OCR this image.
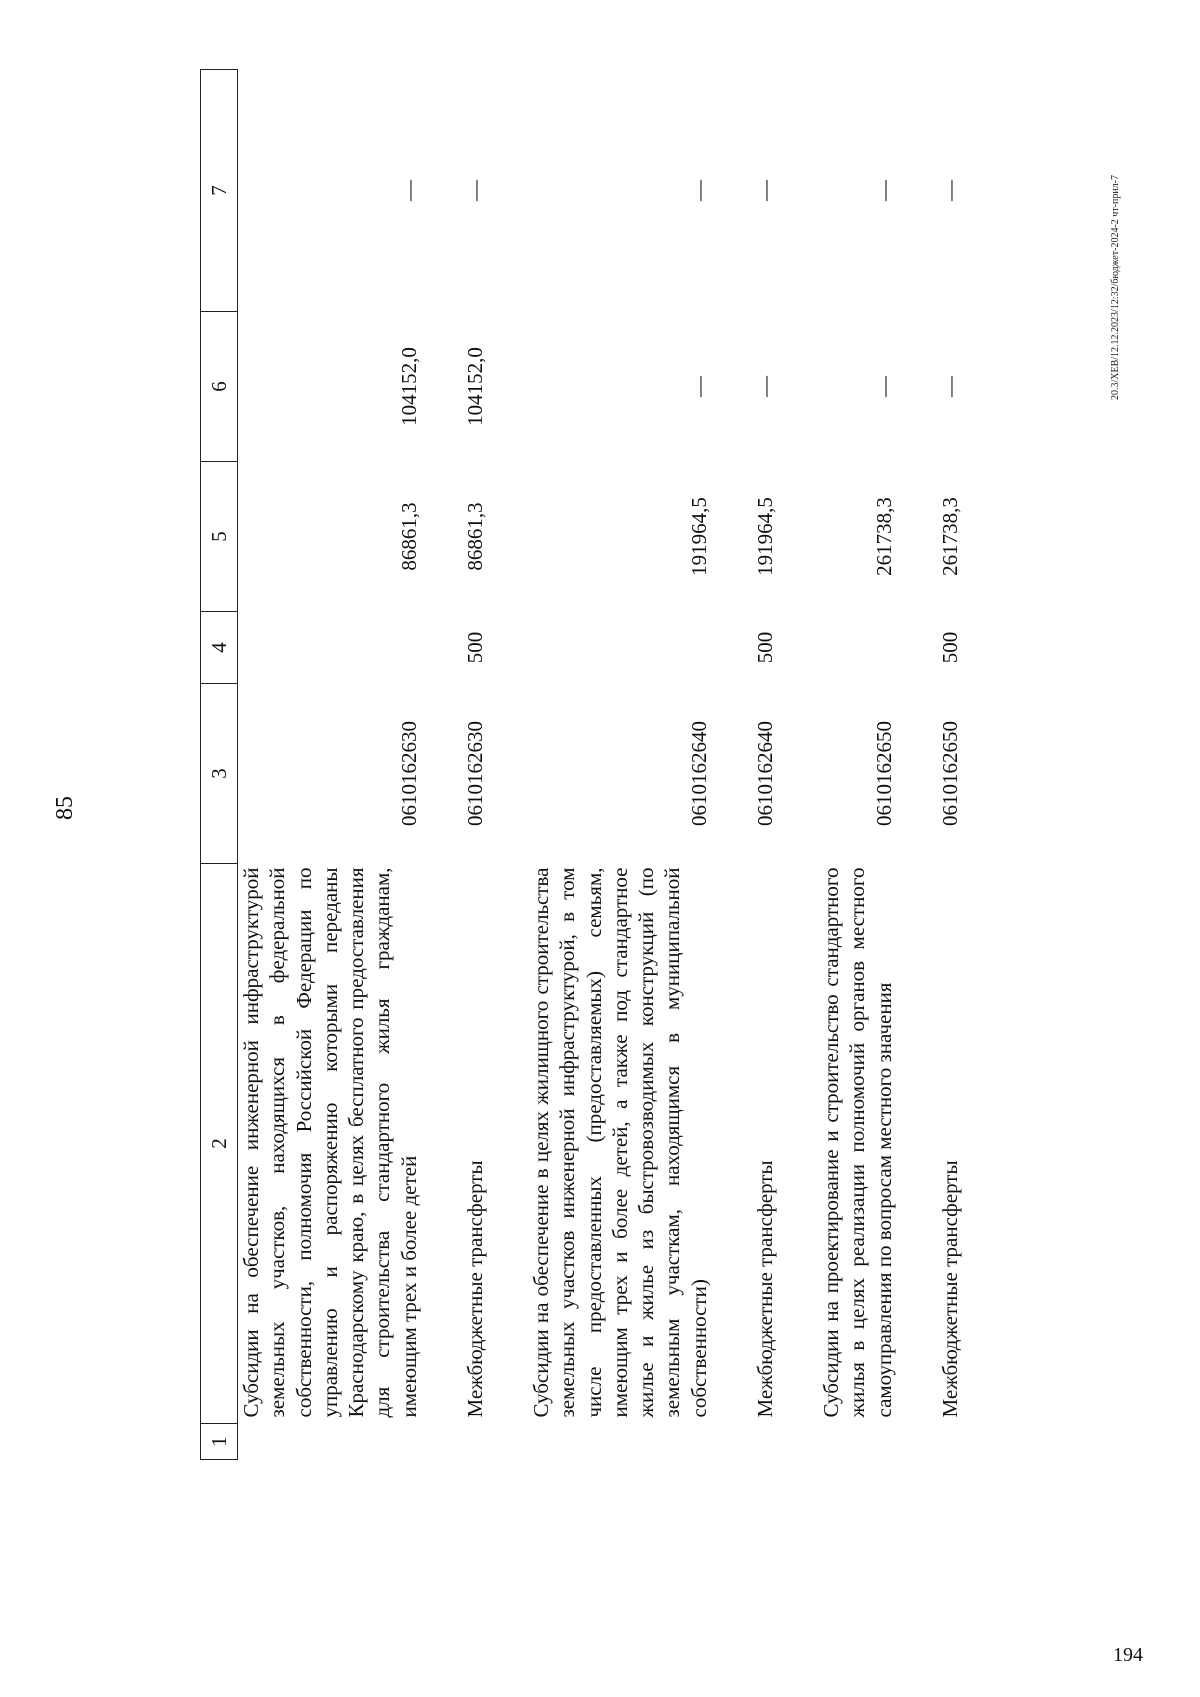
85
1	2	3	4	5	6	7
	Субсидии на обеспечение инженерной инфраструктурой земельных участков, находящихся в федеральной собственности, полномочия Российской Федерации по управлению и распоряжению которыми переданы Краснодарскому краю, в целях бесплатного предоставления для строительства стандартного жилья гражданам, имеющим трех и более детей	0610162630		86861,3	104152,0	—

	Межбюджетные трансферты	0610162630	500	86861,3	104152,0	—

	Субсидии на обеспечение в целях жилищного строительства земельных участков инженерной инфраструктурой, в том числе предоставленных (предоставляемых) семьям, имеющим трех и более детей, а также под стандартное жилье и жилье из быстровозводимых конструкций (по земельным участкам, находящимся в муниципальной собственности)	0610162640		191964,5	—	—

	Межбюджетные трансферты	0610162640	500	191964,5	—	—

	Субсидии на проектирование и строительство стандартного жилья в целях реализации полномочий органов местного самоуправления по вопросам местного значения	0610162650		261738,3	—	—

	Межбюджетные трансферты	0610162650	500	261738,3	—	—	20.3/ХЕВ/12.12.2023/12:32/бюджет-2024-2 чт-прил-7
194
